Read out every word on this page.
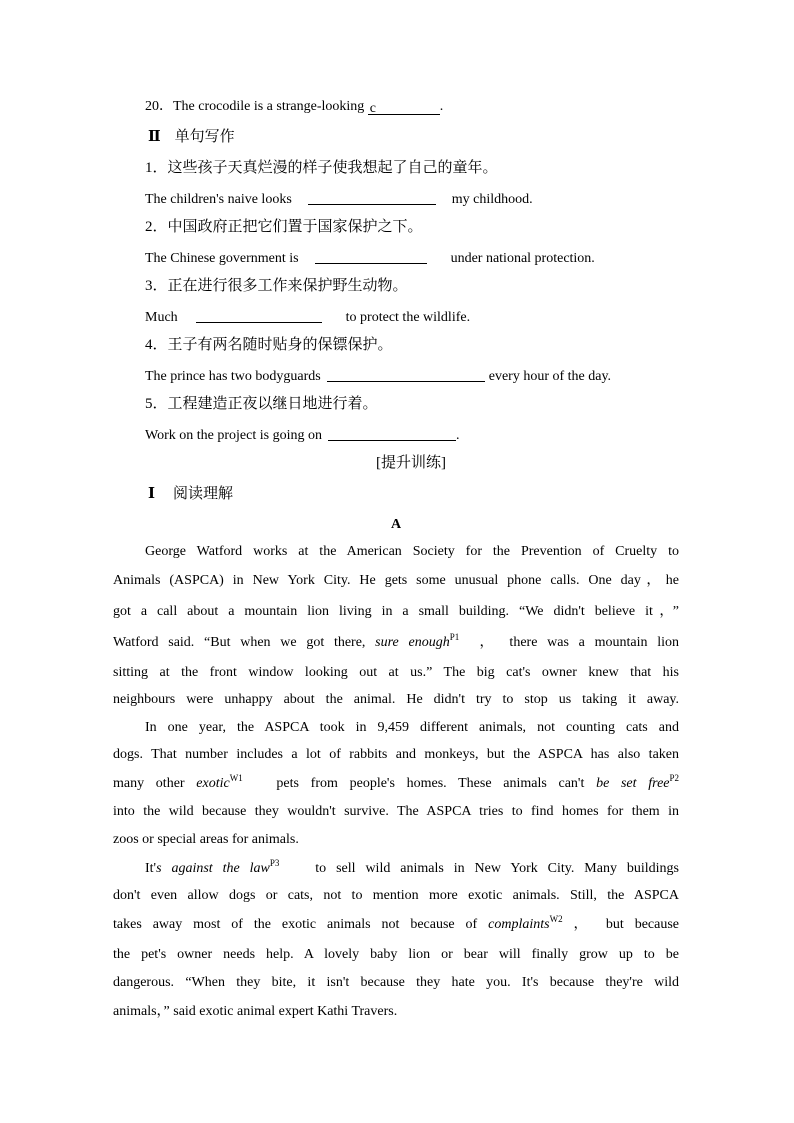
20．The crocodile is a strange-looking c	.
Ⅱ 单句写作
1．这些孩子天真烂漫的样子使我想起了自己的童年。
The children's naive looks	my childhood.
2．中国政府正把它们置于国家保护之下。
The Chinese government is	under national protection.
3．正在进行很多工作来保护野生动物。
Much	to protect the wildlife.
4．王子有两名随时贴身的保镖保护。
The prince has two bodyguards	every hour of the day.
5．工程建造正夜以继日地进行着。
Work on the project is going on	.
[提升训练]
Ⅰ 阅读理解
A
George Watford works at the American Society for the Prevention of Cruelty to
Animals (ASPCA) in New York City. He gets some unusual phone calls. One day，he
got a call about a mountain lion living in a small building. “We didn't believe it，”
Watford said. “But when we got there, sure enough$^{P1}$ ， there was a mountain lion
sitting at the front window looking out at us.” The big cat's owner knew that his
neighbours were unhappy about the animal. He didn't try to stop us taking it away.
In one year, the ASPCA took in 9,459 different animals, not counting cats and
dogs. That number includes a lot of rabbits and monkeys, but the ASPCA has also taken
many other exotic$^{W1}$ pets from people's homes. These animals can't be set free$^{P2}$
into the wild because they wouldn't survive. The ASPCA tries to find homes for them in
zoos or special areas for animals.
It's against the law$^{P3}$ to sell wild animals in New York City. Many buildings
don't even allow dogs or cats, not to mention more exotic animals. Still, the ASPCA
takes away most of the exotic animals not because of complaints$^{W2}$ ， but because
the pet's owner needs help. A lovely baby lion or bear will finally grow up to be
dangerous. “When they bite, it isn't because they hate you. It's because they're wild
animals，” said exotic animal expert Kathi Travers.
